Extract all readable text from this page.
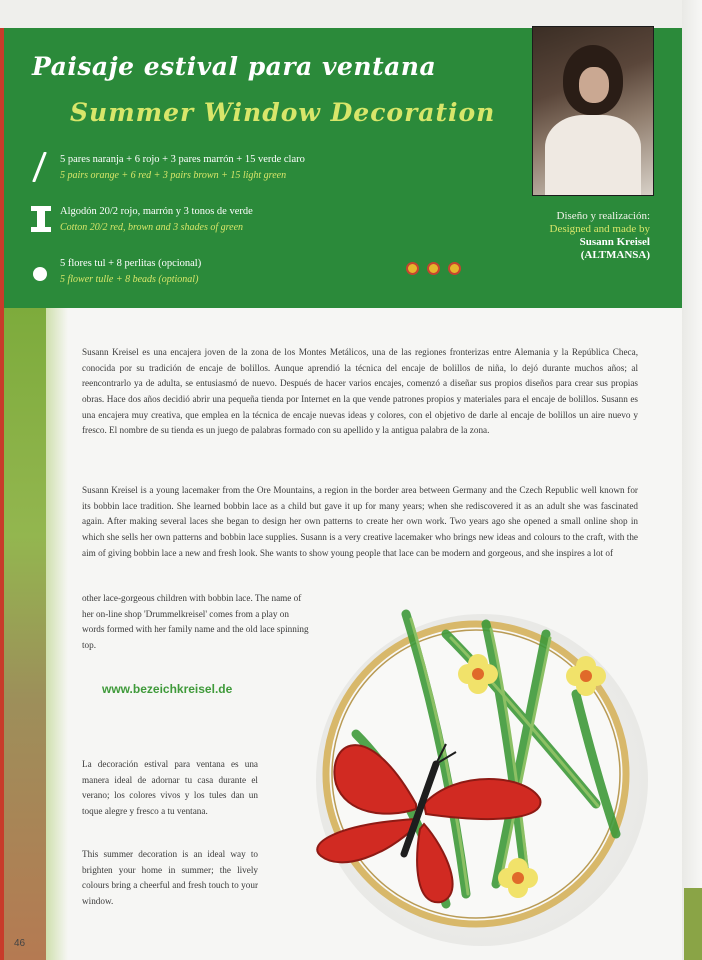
Paisaje estival para ventana
Summer Window Decoration
Diseño y realización:
Designed and made by
Susann Kreisel
(ALTMANSA)
5 pares naranja + 6 rojo + 3 pares marrón + 15 verde claro
5 pairs orange + 6 red + 3 pairs brown + 15 light green
Algodón 20/2 rojo, marrón y 3 tonos de verde
Cotton 20/2 red, brown and 3 shades of green
5 flores tul + 8 perlitas (opcional)
5 flower tulle + 8 beads (optional)

Susann Kreisel es una encajera joven de la zona de los Montes Metálicos, una de las regiones fronterizas entre Alemania y la República Checa, conocida por su tradición de encaje de bolillos. Aunque aprendió la técnica del encaje de bolillos de niña, lo dejó durante muchos años; al reencontrarlo ya de adulta, se entusiasmó de nuevo. Después de hacer varios encajes, comenzó a diseñar sus propios diseños para crear sus propias obras. Hace dos años decidió abrir una pequeña tienda por Internet en la que vende patrones propios y materiales para el encaje de bolillos. Susann es una encajera muy creativa, que emplea en la técnica de encaje nuevas ideas y colores, con el objetivo de darle al encaje de bolillos un aire nuevo y fresco. El nombre de su tienda es un juego de palabras formado con su apellido y la antigua palabra de la zona.

Susann Kreisel is a young lacemaker from the Ore Mountains, a region in the border area between Germany and the Czech Republic well known for its bobbin lace tradition. She learned bobbin lace as a child but gave it up for many years; when she rediscovered it as an adult she was fascinated again. After making several laces she began to design her own patterns to create her own work. Two years ago she opened a small online shop in which she sells her own patterns and bobbin lace supplies. Susann is a very creative lacemaker who brings new ideas and colours to the craft, with the aim of giving bobbin lace a new and fresh look. She wants to show young people that lace can be modern and gorgeous, and she inspires a lot of

other lace-gorgeous children with bobbin lace. The name of her on-line shop 'Drummelkreisel' comes from a play on words formed with her family name and the old lace spinning top.

www.bezeichkreisel.de

La decoración estival para ventana es una manera ideal de adornar tu casa durante el verano; los colores vivos y los tules dan un toque alegre y fresco a tu ventana.

This summer decoration is an ideal way to brighten your home in summer; the lively colours bring a cheerful and fresh touch to your window.

46
